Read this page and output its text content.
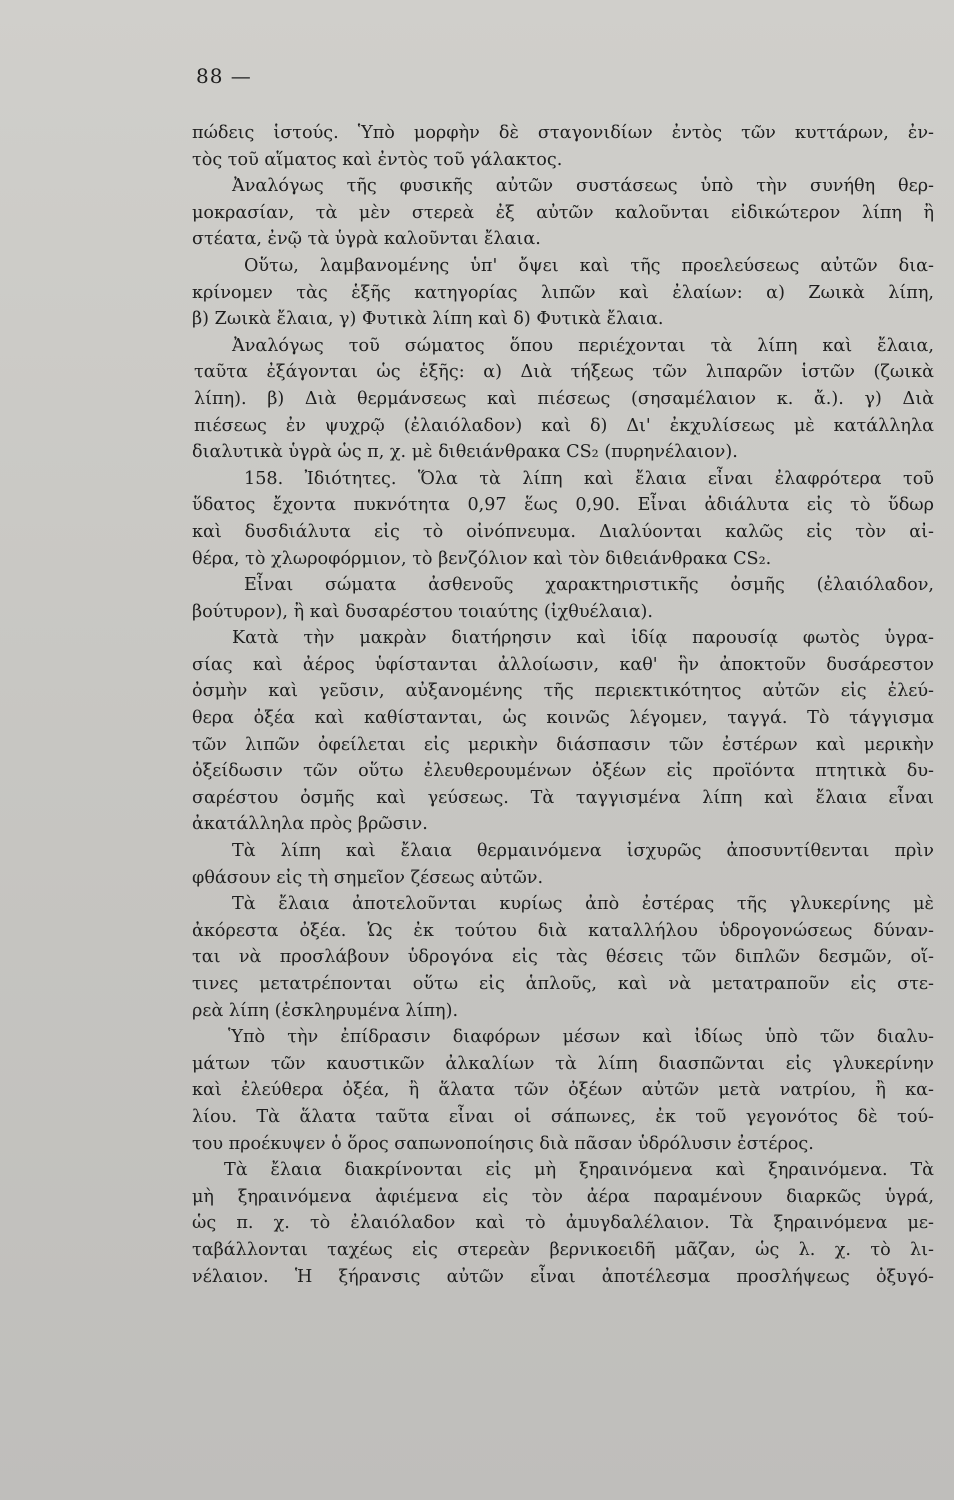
88 —
πώδεις ἱστούς. Ὑπὸ μορφὴν δὲ σταγονιδίων ἐντὸς τῶν κυττάρων, ἐν-
τὸς τοῦ αἵματος καὶ ἐντὸς τοῦ γάλακτος.
Ἀναλόγως τῆς φυσικῆς αὐτῶν συστάσεως ὑπὸ τὴν συνήθη θερ-
μοκρασίαν, τὰ μὲν στερεὰ ἐξ αὐτῶν καλοῦνται εἰδικώτερον λίπη ἢ
στέατα, ἐνῷ τὰ ὑγρὰ καλοῦνται ἔλαια.
Οὕτω, λαμβανομένης ὑπ' ὄψει καὶ τῆς προελεύσεως αὐτῶν δια-
κρίνομεν τὰς ἑξῆς κατηγορίας λιπῶν καὶ ἐλαίων: α) Ζωικὰ λίπη,
β) Ζωικὰ ἔλαια, γ) Φυτικὰ λίπη καὶ δ) Φυτικὰ ἔλαια.
Ἀναλόγως τοῦ σώματος ὅπου περιέχονται τὰ λίπη καὶ ἔλαια,
ταῦτα ἐξάγονται ὡς ἑξῆς: α) Διὰ τήξεως τῶν λιπαρῶν ἱστῶν (ζωικὰ
λίπη). β) Διὰ θερμάνσεως καὶ πιέσεως (σησαμέλαιον κ. ἄ.). γ) Διὰ
πιέσεως ἐν ψυχρῷ (ἐλαιόλαδον) καὶ δ) Δι' ἐκχυλίσεως μὲ κατάλληλα
διαλυτικὰ ὑγρὰ ὡς π, χ. μὲ διθειάνθρακα CS₂ (πυρηνέλαιον).
158. Ἰδιότητες. Ὅλα τὰ λίπη καὶ ἔλαια εἶναι ἐλαφρότερα τοῦ
ὕδατος ἔχοντα πυκνότητα 0,97 ἕως 0,90. Εἶναι ἀδιάλυτα εἰς τὸ ὕδωρ
καὶ δυσδιάλυτα εἰς τὸ οἰνόπνευμα. Διαλύονται καλῶς εἰς τὸν αἰ-
θέρα, τὸ χλωροφόρμιον, τὸ βενζόλιον καὶ τὸν διθειάνθρακα CS₂.
Εἶναι σώματα ἀσθενοῦς χαρακτηριστικῆς ὀσμῆς (ἐλαιόλαδον,
βούτυρον), ἢ καὶ δυσαρέστου τοιαύτης (ἰχθυέλαια).
Κατὰ τὴν μακρὰν διατήρησιν καὶ ἰδίᾳ παρουσίᾳ φωτὸς ὑγρα-
σίας καὶ ἀέρος ὑφίστανται ἀλλοίωσιν, καθ' ἣν ἀποκτοῦν δυσάρεστον
ὀσμὴν καὶ γεῦσιν, αὐξανομένης τῆς περιεκτικότητος αὐτῶν εἰς ἐλεύ-
θερα ὀξέα καὶ καθίστανται, ὡς κοινῶς λέγομεν, ταγγά. Τὸ τάγγισμα
τῶν λιπῶν ὀφείλεται εἰς μερικὴν διάσπασιν τῶν ἐστέρων καὶ μερικὴν
ὀξείδωσιν τῶν οὕτω ἐλευθερουμένων ὀξέων εἰς προϊόντα πτητικὰ δυ-
σαρέστου ὀσμῆς καὶ γεύσεως. Τὰ ταγγισμένα λίπη καὶ ἔλαια εἶναι
ἀκατάλληλα πρὸς βρῶσιν.
Τὰ λίπη καὶ ἔλαια θερμαινόμενα ἰσχυρῶς ἀποσυντίθενται πρὶν
φθάσουν εἰς τὴ σημεῖον ζέσεως αὐτῶν.
Τὰ ἔλαια ἀποτελοῦνται κυρίως ἀπὸ ἐστέρας τῆς γλυκερίνης μὲ
ἀκόρεστα ὀξέα. Ὡς ἐκ τούτου διὰ καταλλήλου ὑδρογονώσεως δύναν-
ται νὰ προσλάβουν ὑδρογόνα εἰς τὰς θέσεις τῶν διπλῶν δεσμῶν, οἵ-
τινες μετατρέπονται οὕτω εἰς ἁπλοῦς, καὶ νὰ μετατραποῦν εἰς στε-
ρεὰ λίπη (ἐσκληρυμένα λίπη).
Ὑπὸ τὴν ἐπίδρασιν διαφόρων μέσων καὶ ἰδίως ὑπὸ τῶν διαλυ-
μάτων τῶν καυστικῶν ἀλκαλίων τὰ λίπη διασπῶνται εἰς γλυκερίνην
καὶ ἐλεύθερα ὀξέα, ἢ ἅλατα τῶν ὀξέων αὐτῶν μετὰ νατρίου, ἢ κα-
λίου. Τὰ ἅλατα ταῦτα εἶναι οἱ σάπωνες, ἐκ τοῦ γεγονότος δὲ τού-
του προέκυψεν ὁ ὅρος σαπωνοποίησις διὰ πᾶσαν ὑδρόλυσιν ἐστέρος.
Τὰ ἔλαια διακρίνονται εἰς μὴ ξηραινόμενα καὶ ξηραινόμενα. Τὰ
μὴ ξηραινόμενα ἀφιέμενα εἰς τὸν ἀέρα παραμένουν διαρκῶς ὑγρά,
ὡς π. χ. τὸ ἐλαιόλαδον καὶ τὸ ἀμυγδαλέλαιον. Τὰ ξηραινόμενα με-
ταβάλλονται ταχέως εἰς στερεὰν βερνικοειδῆ μᾶζαν, ὡς λ. χ. τὸ λι-
νέλαιον. Ἡ ξήρανσις αὐτῶν εἶναι ἀποτέλεσμα προσλήψεως ὀξυγό-
